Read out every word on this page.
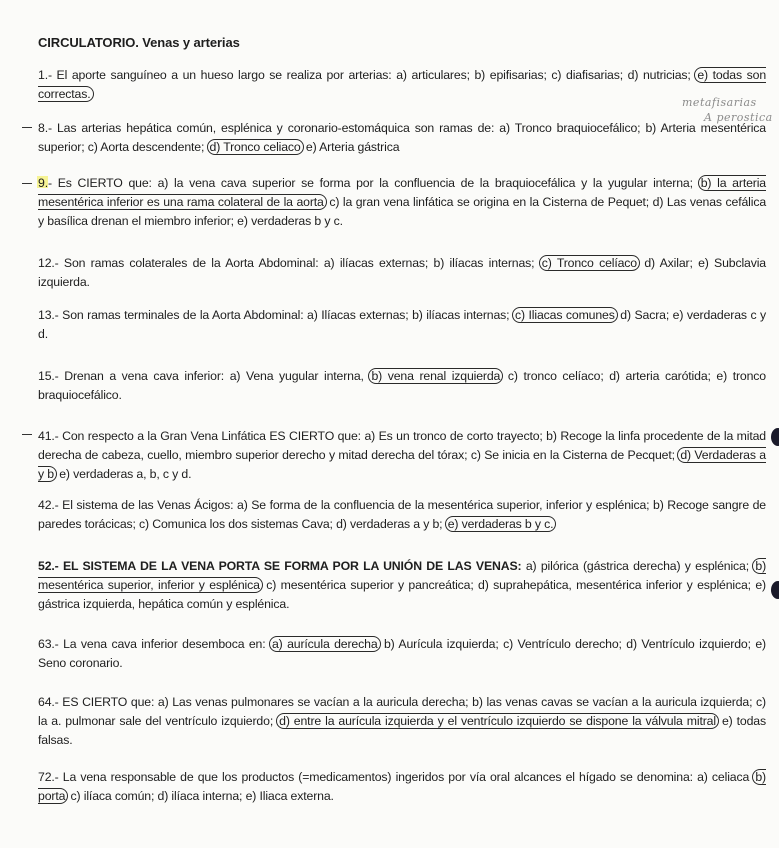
CIRCULATORIO. Venas y arterias
metafisarias
A perostica
1.- El aporte sanguíneo a un hueso largo se realiza por arterias: a) articulares; b) epifisarias; c) diafisarias; d) nutricias; e) todas son correctas.
8.- Las arterias hepática común, esplénica y coronario-estomáquica son ramas de: a) Tronco braquiocefálico; b) Arteria mesentérica superior; c) Aorta descendente; d) Tronco celiaco e) Arteria gástrica
9.- Es CIERTO que: a) la vena cava superior se forma por la confluencia de la braquiocefálica y la yugular interna; b) la arteria mesentérica inferior es una rama colateral de la aorta c) la gran vena linfática se origina en la Cisterna de Pequet; d) Las venas cefálica y basílica drenan el miembro inferior; e) verdaderas b y c.
12.- Son ramas colaterales de la Aorta Abdominal: a) ilíacas externas; b) ilíacas internas; c) Tronco celíaco d) Axilar; e) Subclavia izquierda.
13.- Son ramas terminales de la Aorta Abdominal: a) Ilíacas externas; b) ilíacas internas; c) Iliacas comunes d) Sacra; e) verdaderas c y d.
15.- Drenan a vena cava inferior: a) Vena yugular interna, b) vena renal izquierda c) tronco celíaco; d) arteria carótida; e) tronco braquiocefálico.
41.- Con respecto a la Gran Vena Linfática ES CIERTO que: a) Es un tronco de corto trayecto; b) Recoge la linfa procedente de la mitad derecha de cabeza, cuello, miembro superior derecho y mitad derecha del tórax; c) Se inicia en la Cisterna de Pecquet; d) Verdaderas a y b e) verdaderas a, b, c y d.
42.- El sistema de las Venas Ácigos: a) Se forma de la confluencia de la mesentérica superior, inferior y esplénica; b) Recoge sangre de paredes torácicas; c) Comunica los dos sistemas Cava; d) verdaderas a y b; e) verdaderas b y c.
52.- EL SISTEMA DE LA VENA PORTA SE FORMA POR LA UNIÓN DE LAS VENAS: a) pilórica (gástrica derecha) y esplénica; b) mesentérica superior, inferior y esplénica c) mesentérica superior y pancreática; d) suprahepática, mesentérica inferior y esplénica; e) gástrica izquierda, hepática común y esplénica.
63.- La vena cava inferior desemboca en: a) aurícula derecha b) Aurícula izquierda; c) Ventrículo derecho; d) Ventrículo izquierdo; e) Seno coronario.
64.- ES CIERTO que: a) Las venas pulmonares se vacían a la auricula derecha; b) las venas cavas se vacían a la auricula izquierda; c) la a. pulmonar sale del ventrículo izquierdo; d) entre la aurícula izquierda y el ventrículo izquierdo se dispone la válvula mitral e) todas falsas.
72.- La vena responsable de que los productos (=medicamentos) ingeridos por vía oral alcances el hígado se denomina: a) celiaca b) porta c) ilíaca común; d) ilíaca interna; e) Iliaca externa.
